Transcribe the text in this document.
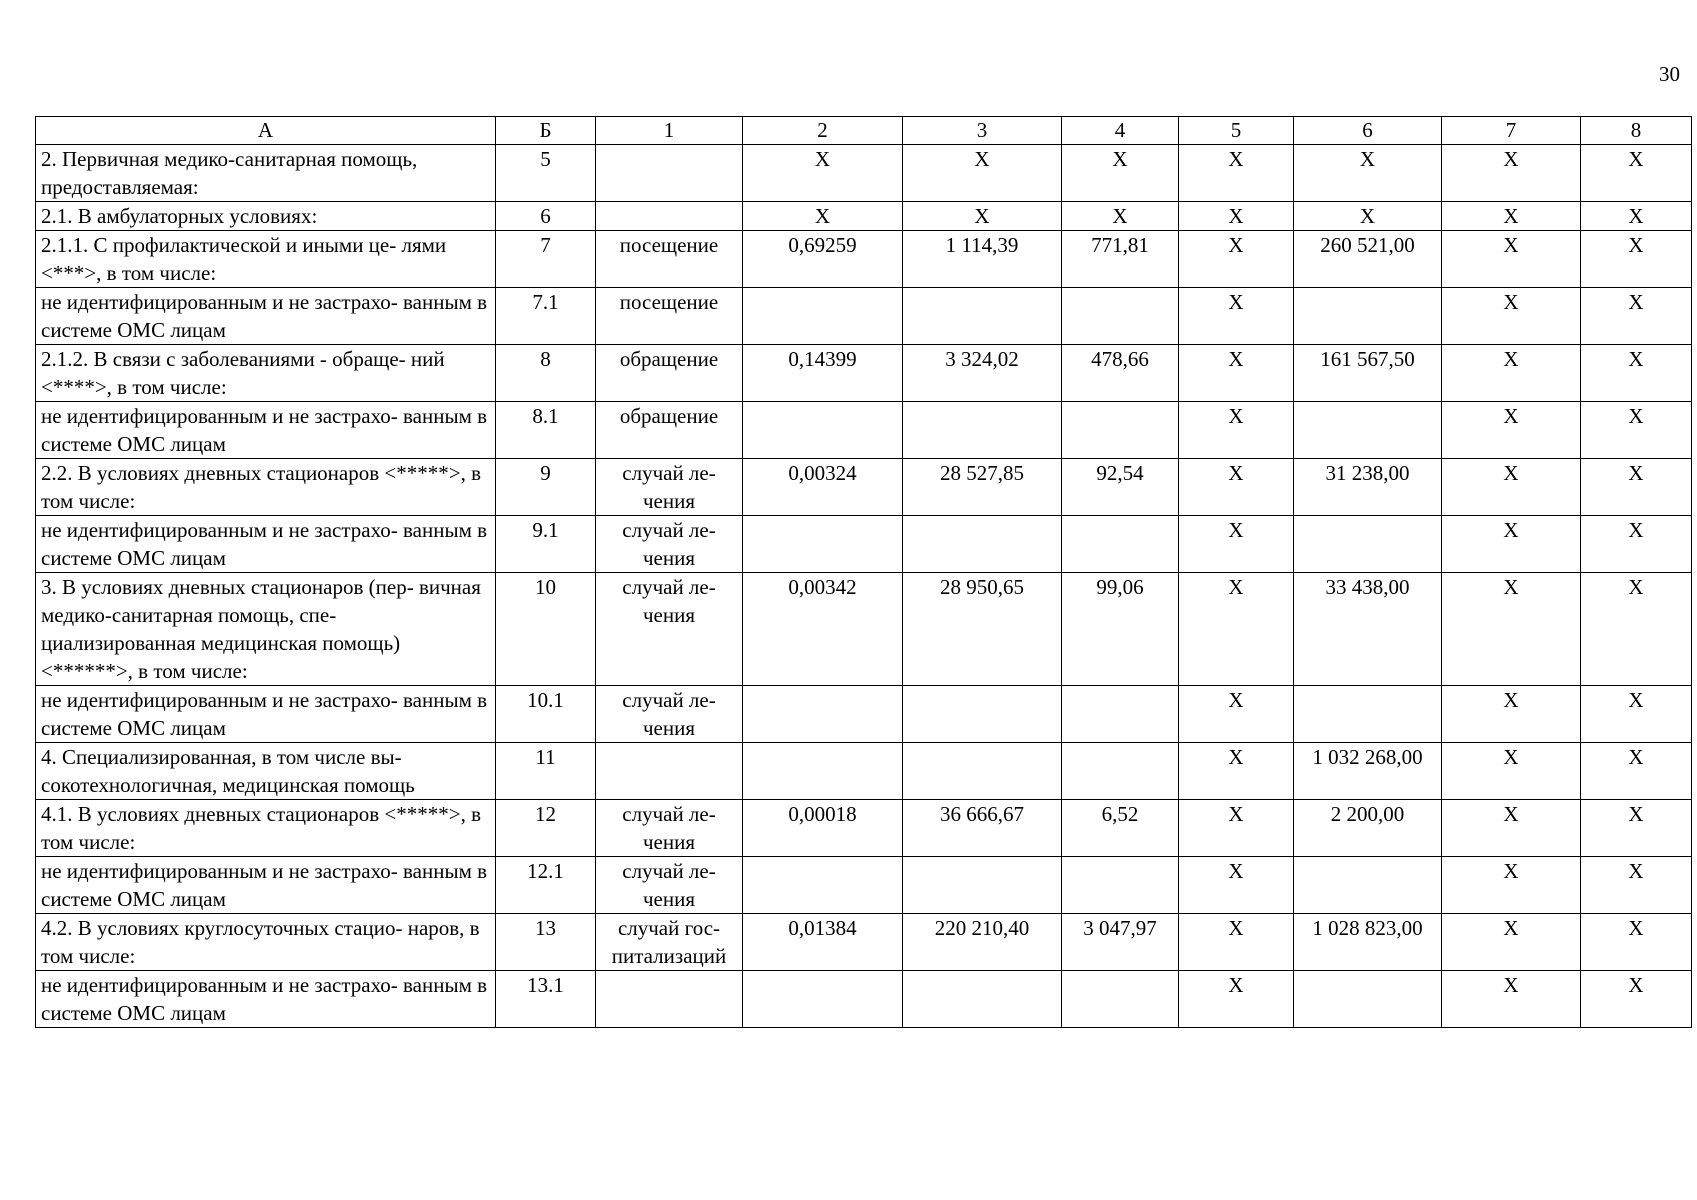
30
А	Б	1	2	3	4	5	6	7	8
2. Первичная медико-санитарная помощь, предоставляемая:	5		Х	Х	Х	Х	Х	Х	Х
2.1. В амбулаторных условиях:	6		Х	Х	Х	Х	Х	Х	Х
2.1.1. С профилактической и иными це- лями <***>, в том числе:	7	посещение	0,69259	1 114,39	771,81	Х	260 521,00	Х	Х
не идентифицированным и не застрахо- ванным в системе ОМС лицам	7.1	посещение				Х		Х	Х
2.1.2. В связи с заболеваниями - обраще- ний <****>, в том числе:	8	обращение	0,14399	3 324,02	478,66	Х	161 567,50	Х	Х
не идентифицированным и не застрахо- ванным в системе ОМС лицам	8.1	обращение				Х		Х	Х
2.2. В условиях дневных стационаров <*****>, в том числе:	9	случай ле- чения	0,00324	28 527,85	92,54	Х	31 238,00	Х	Х
не идентифицированным и не застрахо- ванным в системе ОМС лицам	9.1	случай ле- чения				Х		Х	Х
3. В условиях дневных стационаров (пер- вичная медико-санитарная помощь, спе- циализированная медицинская помощь) <******>, в том числе:	10	случай ле- чения	0,00342	28 950,65	99,06	Х	33 438,00	Х	Х
не идентифицированным и не застрахо- ванным в системе ОМС лицам	10.1	случай ле- чения				Х		Х	Х
4. Специализированная, в том числе вы- сокотехнологичная, медицинская помощь	11					Х	1 032 268,00	Х	Х
4.1. В условиях дневных стационаров <*****>, в том числе:	12	случай ле- чения	0,00018	36 666,67	6,52	Х	2 200,00	Х	Х
не идентифицированным и не застрахо- ванным в системе ОМС лицам	12.1	случай ле- чения				Х		Х	Х
4.2. В условиях круглосуточных стацио- наров, в том числе:	13	случай гос- питализаций	0,01384	220 210,40	3 047,97	Х	1 028 823,00	Х	Х
не идентифицированным и не застрахо- ванным в системе ОМС лицам	13.1					Х		Х	Х
